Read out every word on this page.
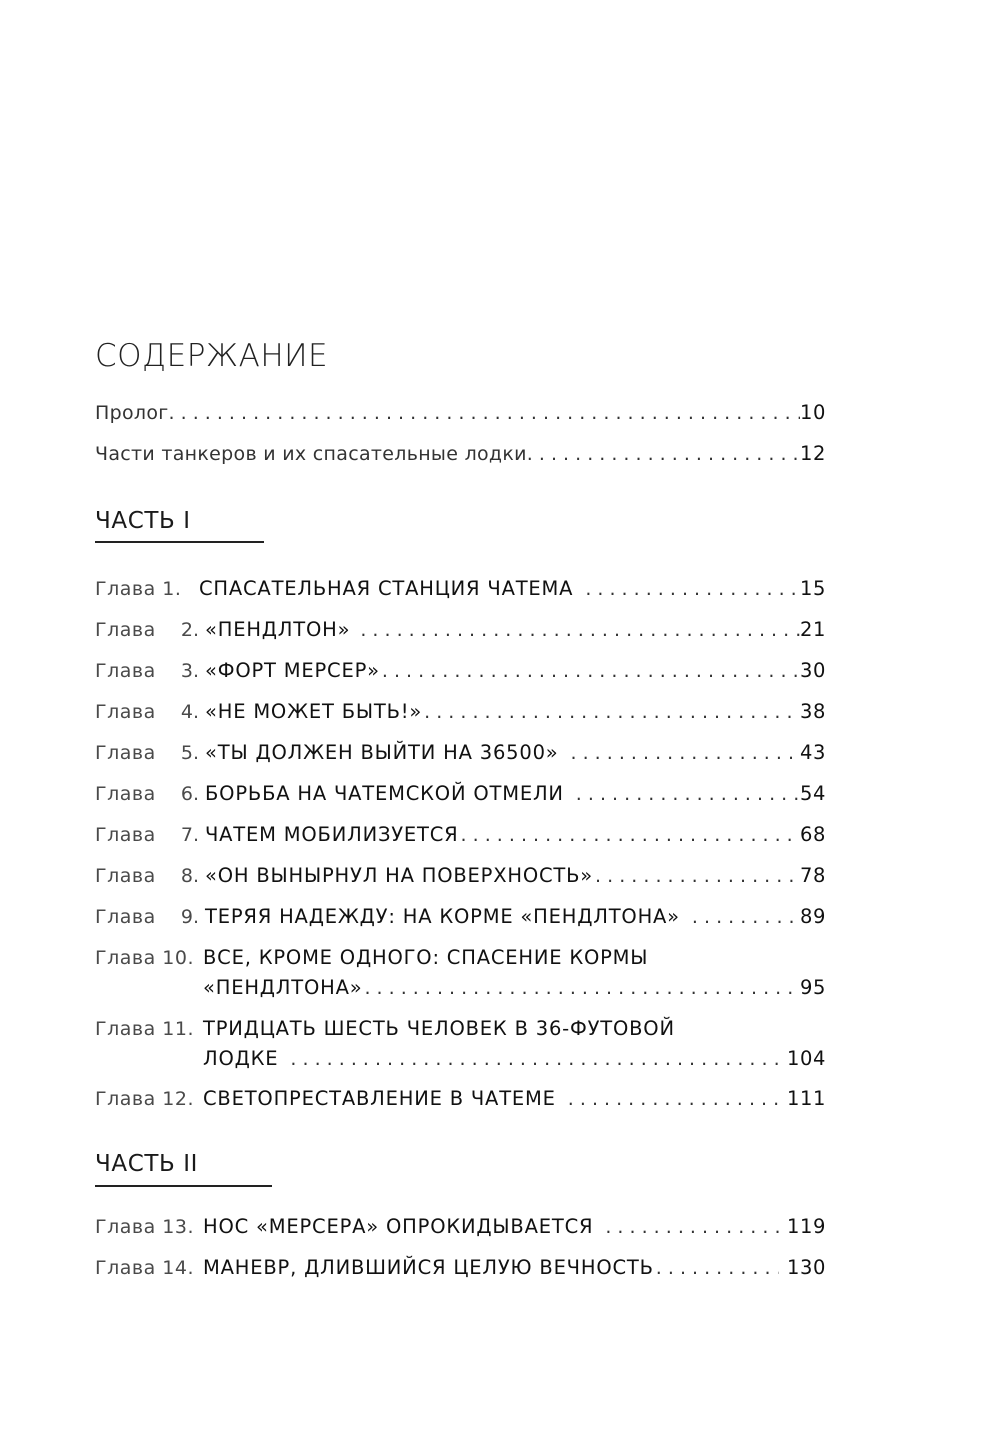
СОДЕРЖАНИЕ
Пролог . . .	10
Части танкеров и их спасательные лодки . . .	12
ЧАСТЬ I
Глава 1. СПАСАТЕЛЬНАЯ СТАНЦИЯ ЧАТЕМА . . .	15
Глава	2. «ПЕНДЛТОН» . . .	21
Глава	3. «ФОРТ МЕРСЕР» . . .	30
Глава	4. «НЕ МОЖЕТ БЫТЬ!» . . .	38
Глава	5. «ТЫ ДОЛЖЕН ВЫЙТИ НА 36500» . . .	43
Глава	6. БОРЬБА НА ЧАТЕМСКОЙ ОТМЕЛИ . . .	54
Глава	7. ЧАТЕМ МОБИЛИЗУЕТСЯ . . .	68
Глава	8. «ОН ВЫНЫРНУЛ НА ПОВЕРХНОСТЬ» . . .	78
Глава	9. ТЕРЯЯ НАДЕЖДУ: НА КОРМЕ «ПЕНДЛТОНА» . . .	89
Глава 10. ВСЕ, КРОМЕ ОДНОГО: СПАСЕНИЕ КОРМЫ
«ПЕНДЛТОНА» . . .	95
Глава 11. ТРИДЦАТЬ ШЕСТЬ ЧЕЛОВЕК В 36-ФУТОВОЙ
ЛОДКЕ . . .	104
Глава 12. СВЕТОПРЕСТАВЛЕНИЕ В ЧАТЕМЕ . . .	111
ЧАСТЬ II
Глава 13. НОС «МЕРСЕРА» ОПРОКИДЫВАЕТСЯ . . .	119
Глава 14. МАНЕВР, ДЛИВШИЙСЯ ЦЕЛУЮ ВЕЧНОСТЬ . . .	130
